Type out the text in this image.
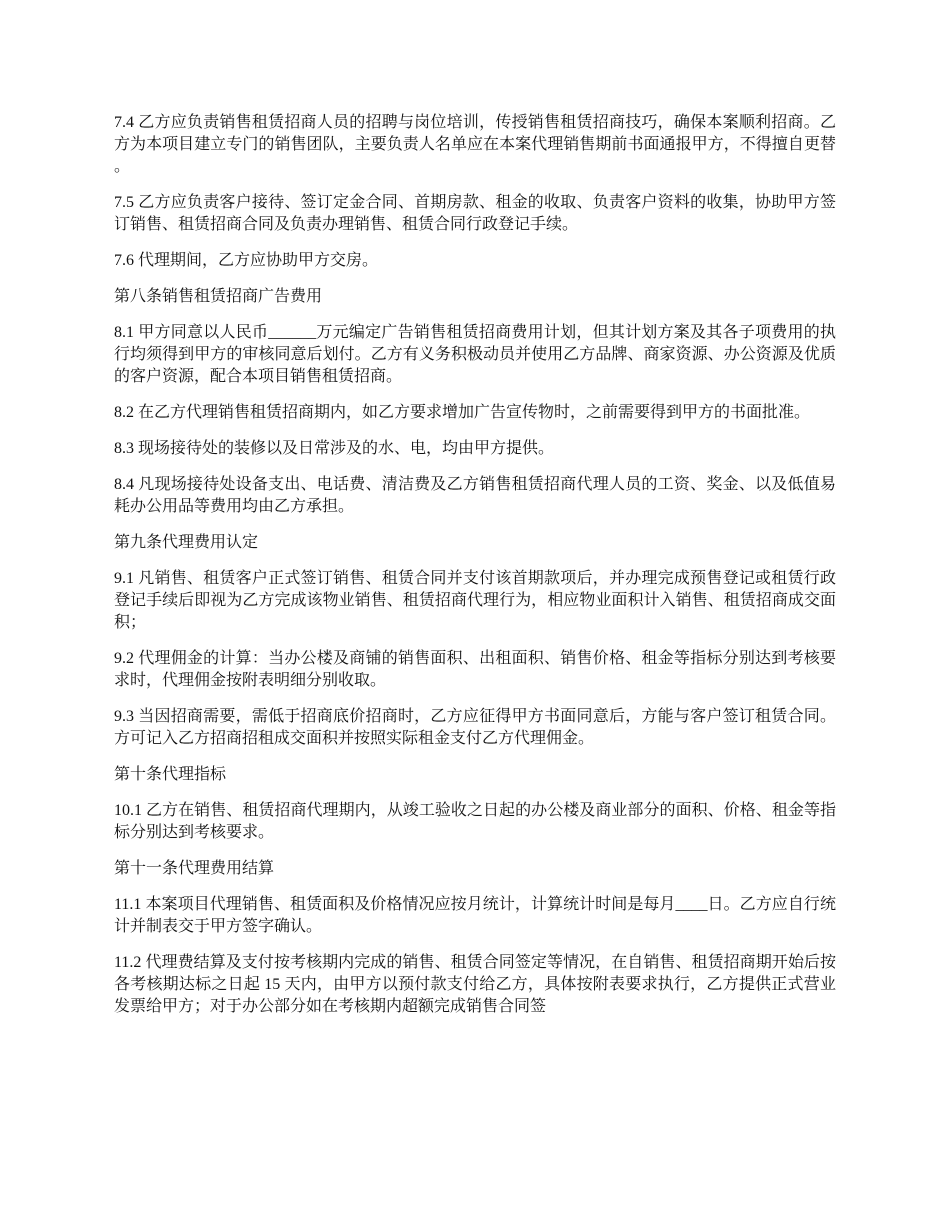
7.4 乙方应负责销售租赁招商人员的招聘与岗位培训，传授销售租赁招商技巧，确保本案顺利招商。乙方为本项目建立专门的销售团队，主要负责人名单应在本案代理销售期前书面通报甲方，不得擅自更替。

7.5 乙方应负责客户接待、签订定金合同、首期房款、租金的收取、负责客户资料的收集，协助甲方签订销售、租赁招商合同及负责办理销售、租赁合同行政登记手续。

7.6 代理期间，乙方应协助甲方交房。

第八条销售租赁招商广告费用

8.1 甲方同意以人民币______万元编定广告销售租赁招商费用计划，但其计划方案及其各子项费用的执行均须得到甲方的审核同意后划付。乙方有义务积极动员并使用乙方品牌、商家资源、办公资源及优质的客户资源，配合本项目销售租赁招商。

8.2 在乙方代理销售租赁招商期内，如乙方要求增加广告宣传物时，之前需要得到甲方的书面批准。

8.3 现场接待处的装修以及日常涉及的水、电，均由甲方提供。

8.4 凡现场接待处设备支出、电话费、清洁费及乙方销售租赁招商代理人员的工资、奖金、以及低值易耗办公用品等费用均由乙方承担。

第九条代理费用认定

9.1 凡销售、租赁客户正式签订销售、租赁合同并支付该首期款项后，并办理完成预售登记或租赁行政登记手续后即视为乙方完成该物业销售、租赁招商代理行为，相应物业面积计入销售、租赁招商成交面积；

9.2 代理佣金的计算：当办公楼及商铺的销售面积、出租面积、销售价格、租金等指标分别达到考核要求时，代理佣金按附表明细分别收取。

9.3 当因招商需要，需低于招商底价招商时，乙方应征得甲方书面同意后，方能与客户签订租赁合同。方可记入乙方招商招租成交面积并按照实际租金支付乙方代理佣金。

第十条代理指标

10.1 乙方在销售、租赁招商代理期内，从竣工验收之日起的办公楼及商业部分的面积、价格、租金等指标分别达到考核要求。

第十一条代理费用结算

11.1 本案项目代理销售、租赁面积及价格情况应按月统计，计算统计时间是每月____日。乙方应自行统计并制表交于甲方签字确认。

11.2 代理费结算及支付按考核期内完成的销售、租赁合同签定等情况，在自销售、租赁招商期开始后按各考核期达标之日起 15 天内，由甲方以预付款支付给乙方，具体按附表要求执行，乙方提供正式营业发票给甲方；对于办公部分如在考核期内超额完成销售合同签
